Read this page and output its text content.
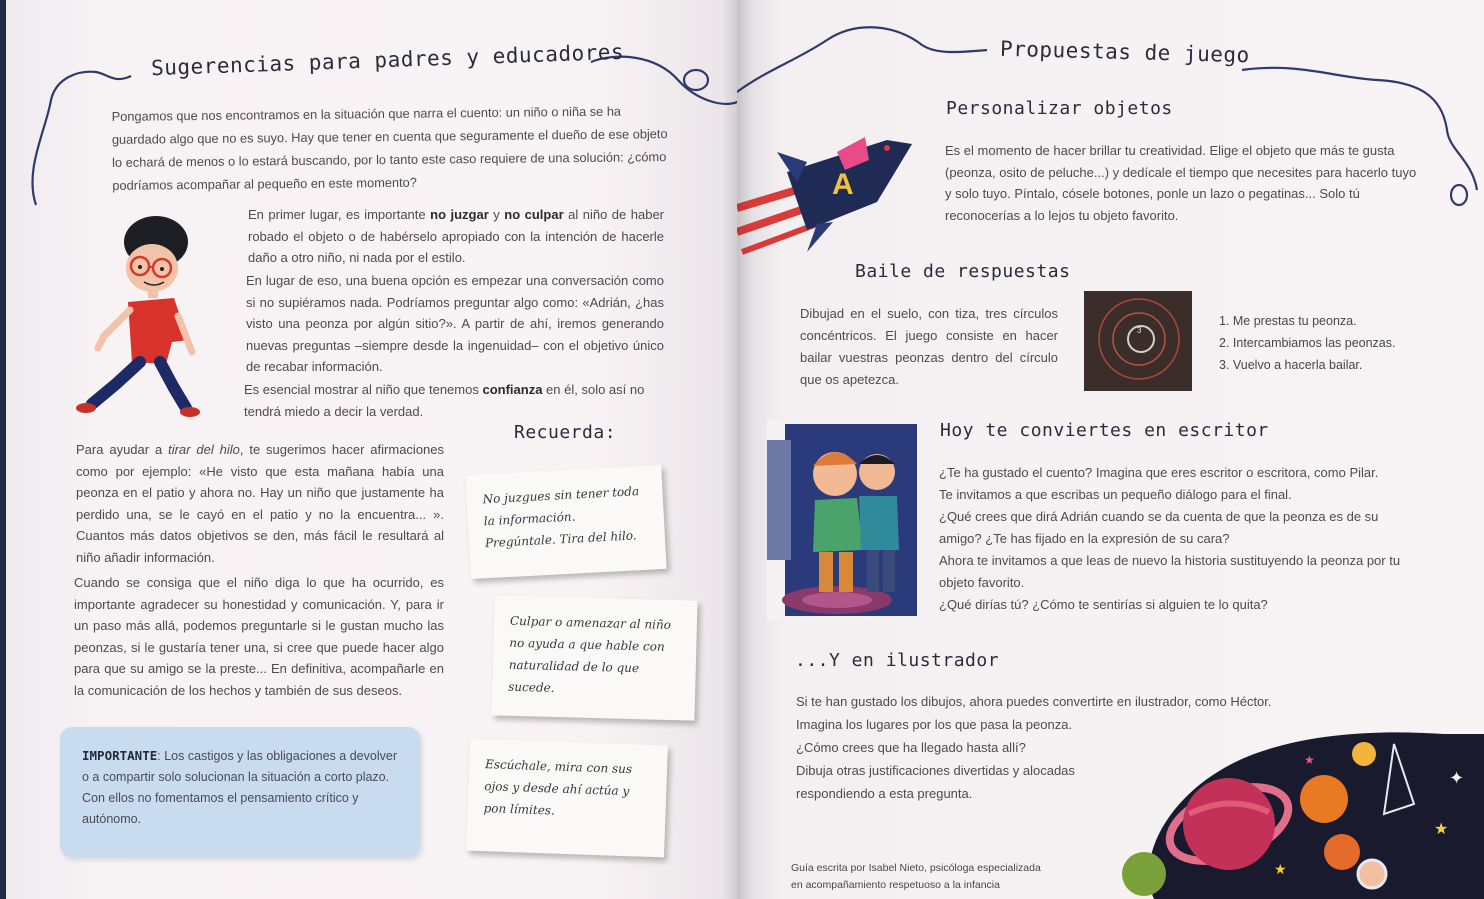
Sugerencias para padres y educadores
Pongamos que nos encontramos en la situación que narra el cuento: un niño o niña se ha guardado algo que no es suyo. Hay que tener en cuenta que seguramente el dueño de ese objeto lo echará de menos o lo estará buscando, por lo tanto este caso requiere de una solución: ¿cómo podríamos acompañar al pequeño en este momento?
En primer lugar, es importante no juzgar y no culpar al niño de haber robado el objeto o de habérselo apropiado con la intención de hacerle daño a otro niño, ni nada por el estilo.
En lugar de eso, una buena opción es empezar una conversación como si no supiéramos nada. Podríamos preguntar algo como: «Adrián, ¿has visto una peonza por algún sitio?». A partir de ahí, iremos generando nuevas preguntas –siempre desde la ingenuidad– con el objetivo único de recabar información.
Es esencial mostrar al niño que tenemos confianza en él, solo así no tendrá miedo a decir la verdad.
Para ayudar a tirar del hilo, te sugerimos hacer afirmaciones como por ejemplo: «He visto que esta mañana había una peonza en el patio y ahora no. Hay un niño que justamente ha perdido una, se le cayó en el patio y no la encuentra... ». Cuantos más datos objetivos se den, más fácil le resultará al niño añadir información.
Cuando se consiga que el niño diga lo que ha ocurrido, es importante agradecer su honestidad y comunicación. Y, para ir un paso más allá, podemos preguntarle si le gustan mucho las peonzas, si le gustaría tener una, si cree que puede hacer algo para que su amigo se la preste... En definitiva, acompañarle en la comunicación de los hechos y también de sus deseos.
Recuerda:

No juzgues sin tener toda la información. Pregúntale. Tira del hilo.

Culpar o amenazar al niño no ayuda a que hable con naturalidad de lo que sucede.

Escúchale, mira con sus ojos y desde ahí actúa y pon límites.

IMPORTANTE: Los castigos y las obligaciones a devolver o a compartir solo solucionan la situación a corto plazo. Con ellos no fomentamos el pensamiento crítico y autónomo.

Propuestas de juego
A
Personalizar objetos
Es el momento de hacer brillar tu creatividad. Elige el objeto que más te gusta (peonza, osito de peluche...) y dedícale el tiempo que necesites para hacerlo tuyo y solo tuyo. Píntalo, cósele botones, ponle un lazo o pegatinas... Solo tú reconocerías a lo lejos tu objeto favorito.
Baile de respuestas
Dibujad en el suelo, con tiza, tres círculos concéntricos. El juego consiste en hacer bailar vuestras peonzas dentro del círculo que os apetezca.
3
1. Me prestas tu peonza.
2. Intercambiamos las peonzas.
3. Vuelvo a hacerla bailar.
Hoy te conviertes en escritor
¿Te ha gustado el cuento? Imagina que eres escritor o escritora, como Pilar.
Te invitamos a que escribas un pequeño diálogo para el final.
¿Qué crees que dirá Adrián cuando se da cuenta de que la peonza es de su amigo? ¿Te has fijado en la expresión de su cara?
Ahora te invitamos a que leas de nuevo la historia sustituyendo la peonza por tu objeto favorito.
¿Qué dirías tú? ¿Cómo te sentirías si alguien te lo quita?
...Y en ilustrador
Si te han gustado los dibujos, ahora puedes convertirte en ilustrador, como Héctor.
Imagina los lugares por los que pasa la peonza.
¿Cómo crees que ha llegado hasta allí?
Dibuja otras justificaciones divertidas y alocadas respondiendo a esta pregunta.
★
★
★
✦
Guía escrita por Isabel Nieto, psicóloga especializada
en acompañamiento respetuoso a la infancia
